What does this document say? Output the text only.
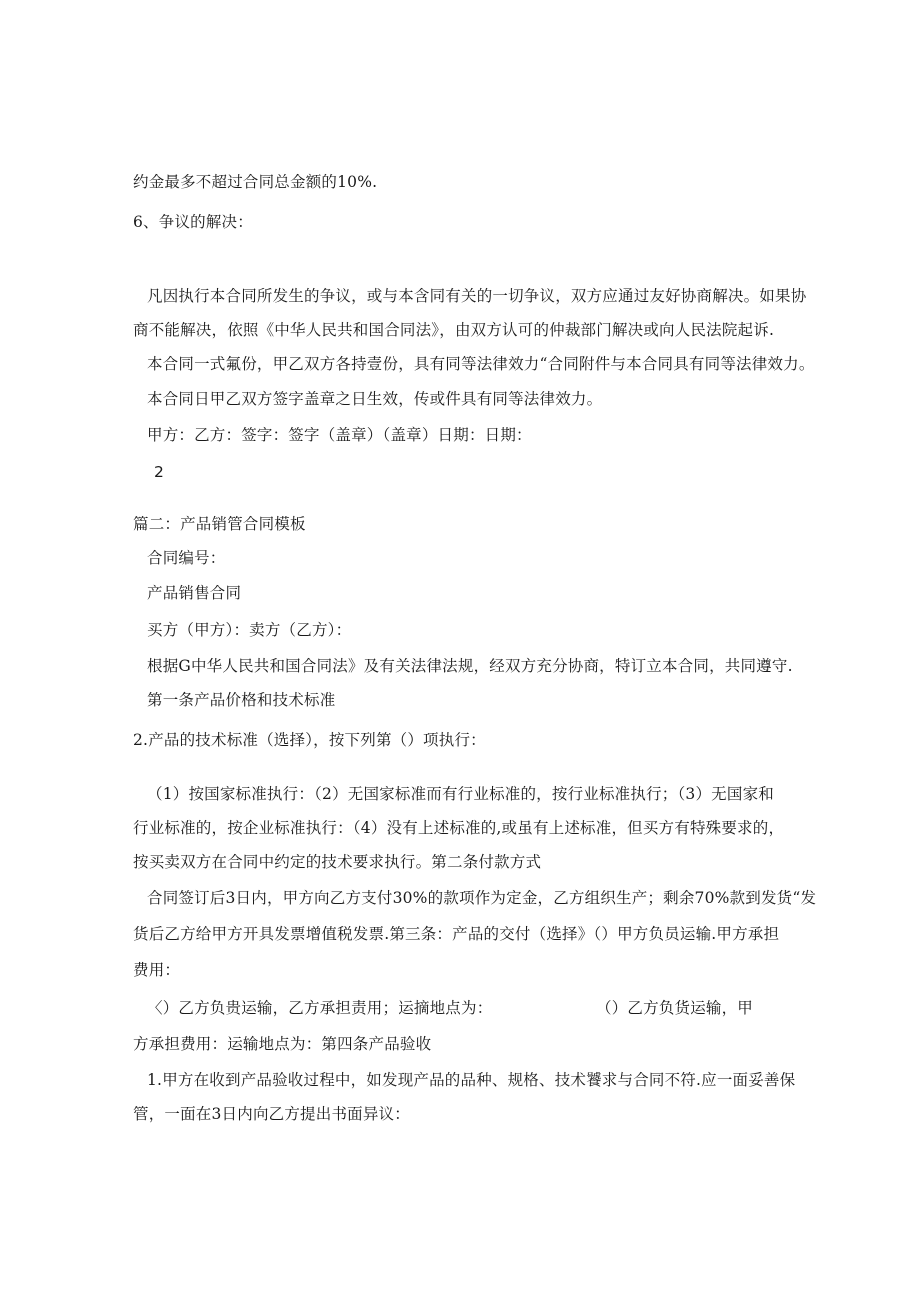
约金最多不超过合同总金额的10%.
6、争议的解决：
凡因执行本合同所发生的争议，或与本含同有关的一切争议，双方应通过友好协商解决。如果协
商不能解决，依照《中华人民共和国合同法》，由双方认可的仲裁部门解决或向人民法院起诉.
本合同一式氟份，甲乙双方各持壹份，具有同等法律效力“合同附件与本合同具有同等法律效力。
本合同日甲乙双方签字盖章之日生效，传或件具有同等法律效力。
甲方：乙方：签字：签字（盖章）（盖章）日期：日期：
2
篇二：产品销管合同模板
合同编号：
产品销售合同
买方（甲方）：卖方（乙方）：
根据G中华人民共和国合同法》及有关法律法规，经双方充分协商，特订立本合同，共同遵守.
第一条产品价格和技术标准
2.产品的技术标准（选择），按下列第（）项执行：
（1）按国家标准执行：（2）无国家标准而有行业标准的，按行业标准执行；（3）无国家和
行业标准的，按企业标准执行：（4）没有上述标准的,或虽有上述标准，但买方有特殊要求的，
按买卖双方在合同中约定的技术要求执行。第二条付款方式
合同签订后3日内，甲方向乙方支付30%的款项作为定金，乙方组织生产；剩余70%款到发货“发
货后乙方给甲方开具发票增值税发票.第三条：产品的交付（选择》（）甲方负员运输.甲方承担
费用：
〈）乙方负贵运输，乙方承担责用；运摘地点为：	（）乙方负货运输，甲
方承担费用：运输地点为：第四条产品验收
1.甲方在收到产品验收过程中，如发现产品的品种、规格、技术饕求与合同不符.应一面妥善保
管，一面在3日内向乙方提出书面异议：
